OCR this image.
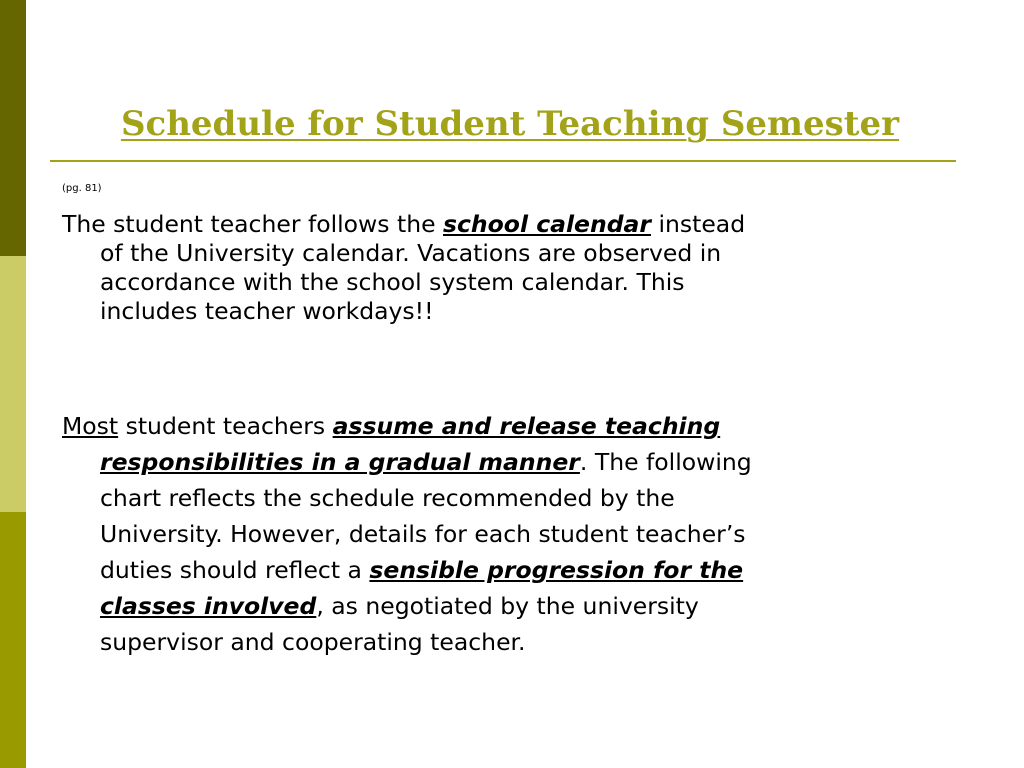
Schedule for Student Teaching Semester
(pg. 81)

The student teacher follows the school calendar instead
of the University calendar. Vacations are observed in
accordance with the school system calendar. This
includes teacher workdays!!

Most student teachers assume and release teaching
responsibilities in a gradual manner. The following
chart reflects the schedule recommended by the
University. However, details for each student teacher’s
duties should reflect a sensible progression for the
classes involved, as negotiated by the university
supervisor and cooperating teacher.
